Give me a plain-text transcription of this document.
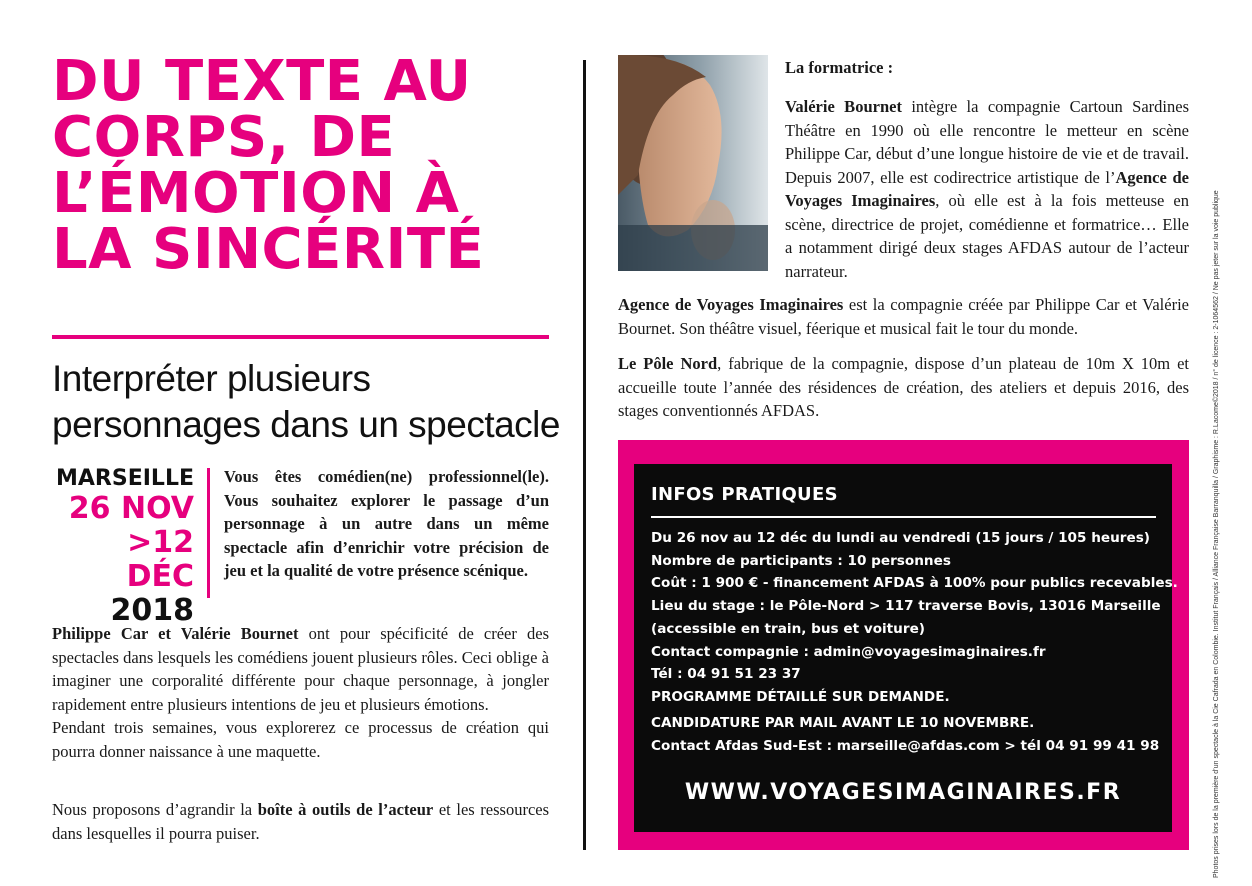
DU TEXTE AU
CORPS, DE
L’ÉMOTION À
LA SINCÉRITÉ
Interpréter plusieurs personnages dans un spectacle
MARSEILLE
26 NOV
>12 DÉC
2018

Vous êtes comédien(ne) professionnel(le). Vous souhaitez explorer le passage d’un personnage à un autre dans un même spectacle afin d’enrichir votre précision de jeu et la qualité de votre présence scénique.

Philippe Car et Valérie Bournet ont pour spécificité de créer des spectacles dans lesquels les comédiens jouent plusieurs rôles. Ceci oblige à imaginer une corporalité différente pour chaque personnage, à jongler rapidement entre plusieurs intentions de jeu et plusieurs émotions.
Pendant trois semaines, vous explorerez ce processus de création qui pourra donner naissance à une maquette.

Nous proposons d’agrandir la boîte à outils de l’acteur et les ressources dans lesquelles il pourra puiser.

La formatrice :

Valérie Bournet intègre la compagnie Cartoun Sardines Théâtre en 1990 où elle rencontre le metteur en scène Philippe Car, début d’une longue histoire de vie et de travail. Depuis 2007, elle est codirectrice artistique de l’Agence de Voyages Imaginaires, où elle est à la fois metteuse en scène, directrice de projet, comédienne et formatrice… Elle a notamment dirigé deux stages AFDAS autour de l’acteur narrateur.

Agence de Voyages Imaginaires est la compagnie créée par Philippe Car et Valérie Bournet. Son théâtre visuel, féerique et musical fait le tour du monde.

Le Pôle Nord, fabrique de la compagnie, dispose d’un plateau de 10m X 10m et accueille toute l’année des résidences de création, des ateliers et depuis 2016, des stages conventionnés AFDAS.

INFOS PRATIQUES

Du 26 nov au 12 déc du lundi au vendredi (15 jours / 105 heures)
Nombre de participants : 10 personnes
Coût : 1 900 € - financement AFDAS à 100% pour publics recevables.
Lieu du stage : le Pôle-Nord > 117 traverse Bovis, 13016 Marseille
(accessible en train, bus et voiture)
Contact compagnie : admin@voyagesimaginaires.fr
Tél : 04 91 51 23 37
PROGRAMME DÉTAILLÉ SUR DEMANDE.
CANDIDATURE PAR MAIL AVANT LE 10 NOVEMBRE.
Contact Afdas Sud-Est : marseille@afdas.com > tél 04 91 99 41 98

WWW.VOYAGESIMAGINAIRES.FR	Photos prises lors de la première d’un spectacle à la Cie Cafrada en Colombie. Institut Français / Alliance Française Barranquilla / Graphisme : R.Lacome©2018 / n° de licence : 2-1064562 / Ne pas jeter sur la voie publique
